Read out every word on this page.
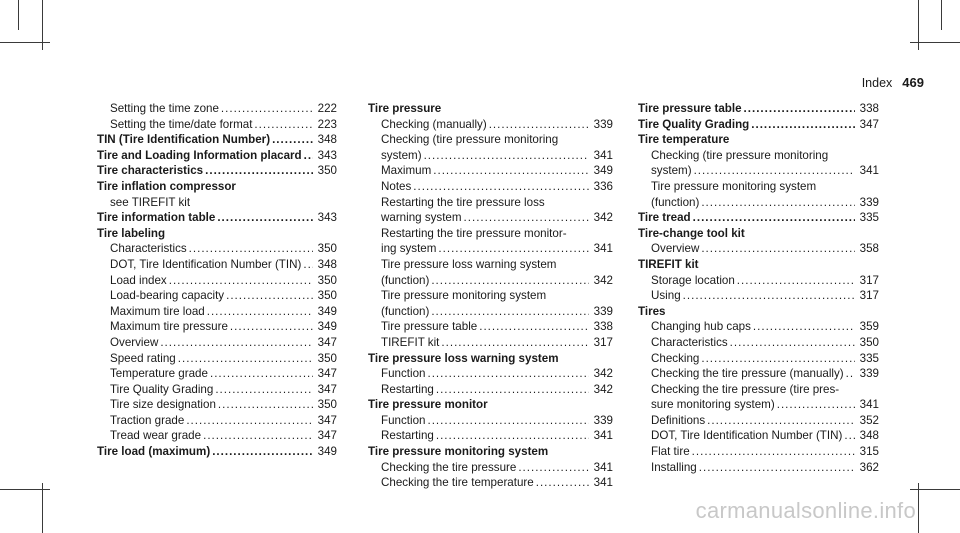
Index 469
Setting the time zone .....	222
Setting the time/date format .....	223
TIN (Tire Identification Number) .....	348
Tire and Loading Information placard ..... 343
Tire characteristics .....	350
Tire inflation compressor
see TIREFIT kit
Tire information table .....	343
Tire labeling
Characteristics .....	350
DOT, Tire Identification Number (TIN) ..... 348
Load index .....	350
Load-bearing capacity .....	350
Maximum tire load .....	349
Maximum tire pressure .....	349
Overview .....	347
Speed rating .....	350
Temperature grade .....	347
Tire Quality Grading .....	347
Tire size designation .....	350
Traction grade .....	347
Tread wear grade .....	347
Tire load (maximum) .....	349
Tire pressure
Checking (manually) .....	339
Checking (tire pressure monitoring
system) .....	341
Maximum .....	349
Notes .....	336
Restarting the tire pressure loss
warning system .....	342
Restarting the tire pressure monitor-
ing system .....	341
Tire pressure loss warning system
(function) .....	342
Tire pressure monitoring system
(function) .....	339
Tire pressure table .....	338
TIREFIT kit .....	317
Tire pressure loss warning system
Function .....	342
Restarting .....	342
Tire pressure monitor
Function .....	339
Restarting .....	341
Tire pressure monitoring system
Checking the tire pressure .....	341
Checking the tire temperature .....	341
Tire pressure table .....	338
Tire Quality Grading .....	347
Tire temperature
Checking (tire pressure monitoring
system) .....	341
Tire pressure monitoring system
(function) .....	339
Tire tread .....	335
Tire-change tool kit
Overview .....	358
TIREFIT kit
Storage location .....	317
Using .....	317
Tires
Changing hub caps .....	359
Characteristics .....	350
Checking .....	335
Checking the tire pressure (manually) ..... 339
Checking the tire pressure (tire pres-
sure monitoring system) .....	341
Definitions .....	352
DOT, Tire Identification Number (TIN) ..... 348
Flat tire .....	315
Installing .....	362
carmanualsonline.info
